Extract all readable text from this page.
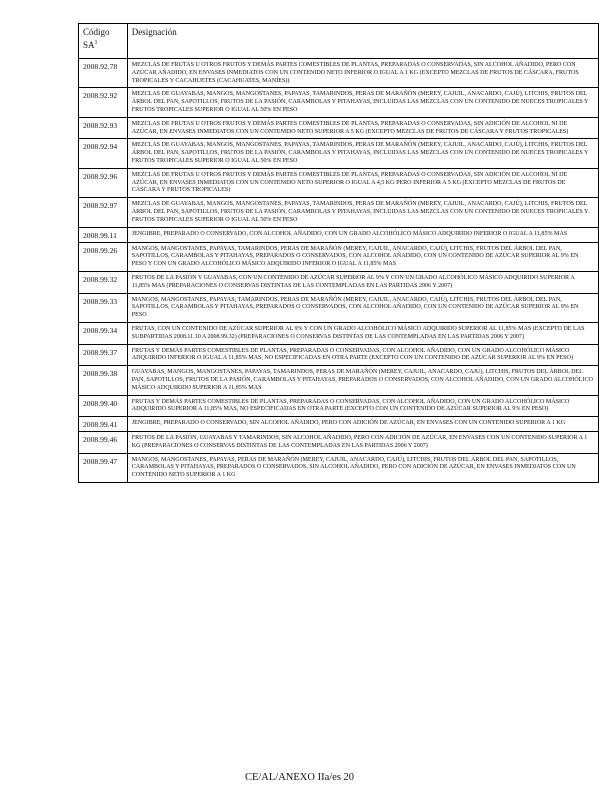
Código $SA^1$	Designación
2008.92.78	MEZCLAS DE FRUTAS U OTROS FRUTOS Y DEMÁS PARTES COMESTIBLES DE PLANTAS, PREPARADAS O CONSERVADAS, SIN ALCOHOL AÑADIDO, PERO CON AZÚCAR AÑADIDO, EN ENVASES INMEDIATOS CON UN CONTENIDO NETO INFERIOR O IGUAL A 1 KG (EXCEPTO MEZCLAS DE FRUTOS DE CÁSCARA, FRUTOS TROPICALES Y CACAHUETES (CACAHUATES, MANÍES))
2008.92.92	MEZCLAS DE GUAYABAS, MANGOS, MANGOSTANES, PAPAYAS, TAMARINDOS, PERAS DE MARAÑÓN (MEREY, CAJUIL, ANACARDO, CAJÚ), LITCHIS, FRUTOS DEL ÁRBOL DEL PAN, SAPOTILLOS, FRUTOS DE LA PASIÓN, CARAMBOLAS Y PITAHAYAS, INCLUIDAS LAS MEZCLAS CON UN CONTENIDO DE NUECES TROPICALES Y FRUTOS TROPICALES SUPERIOR O IGUAL AL 50% EN PESO
2008.92.93	MEZCLAS DE FRUTAS U OTROS FRUTOS Y DEMÁS PARTES COMESTIBLES DE PLANTAS, PREPARADAS O CONSERVADAS, SIN ADICIÓN DE ALCOHOL NI DE AZÚCAR, EN ENVASES INMEDIATOS CON UN CONTENIDO NETO SUPERIOR A 5 KG (EXCEPTO MEZCLAS DE FRUTOS DE CÁSCARA Y FRUTOS TROPICALES)
2008.92.94	MEZCLAS DE GUAYABAS, MANGOS, MANGOSTANES, PAPAYAS, TAMARINDOS, PERAS DE MARAÑÓN (MEREY, CAJUIL, ANACARDO, CAJÚ), LITCHIS, FRUTOS DEL ÁRBOL DEL PAN, SAPOTILLOS, FRUTOS DE LA PASIÓN, CARAMBOLAS Y PITAHAYAS, INCLUIDAS LAS MEZCLAS CON UN CONTENIDO DE NUECES TROPICALES Y FRUTOS TROPICALES SUPERIOR O IGUAL AL 50% EN PESO
2008.92.96	MEZCLAS DE FRUTAS U OTROS FRUTOS Y DEMÁS PARTES COMESTIBLES DE PLANTAS, PREPARADAS O CONSERVADAS, SIN ADICIÓN DE ALCOHOL NI DE AZÚCAR, EN ENVASES INMEDIATOS CON UN CONTENIDO NETO SUPERIOR O IGUAL A 4,5 KG PERO INFERIOR A 5 KG (EXCEPTO MEZCLAS DE FRUTOS DE CÁSCARA Y FRUTOS TROPICALES)
2008.92.97	MEZCLAS DE GUAYABAS, MANGOS, MANGOSTANES, PAPAYAS, TAMARINDOS, PERAS DE MARAÑÓN (MEREY, CAJUIL, ANACARDO, CAJÚ), LITCHIS, FRUTOS DEL ÁRBOL DEL PAN, SAPOTILLOS, FRUTOS DE LA PASIÓN, CARAMBOLAS Y PITAHAYAS, INCLUIDAS LAS MEZCLAS CON UN CONTENIDO DE NUECES TROPICALES Y FRUTOS TROPICALES SUPERIOR O IGUAL AL 50% EN PESO
2008.99.11	JENGIBRE, PREPARADO O CONSERVADO, CON ALCOHOL AÑADIDO, CON UN GRADO ALCOHÓLICO MÁSICO ADQUIRIDO INFERIOR O IGUAL A 11,85% MAS
2008.99.26	MANGOS, MANGOSTANES, PAPAYAS, TAMARINDOS, PERAS DE MARAÑÓN (MEREY, CAJUIL, ANACARDO, CAJÚ), LITCHIS, FRUTOS DEL ÁRBOL DEL PAN, SAPOTILLOS, CARAMBOLAS Y PITAHAYAS, PREPARADOS O CONSERVADOS, CON ALCOHOL AÑADIDO, CON UN CONTENIDO DE AZÚCAR SUPERIOR AL 9% EN PESO Y CON UN GRADO ALCOHÓLICO MÁSICO ADQUIRIDO INFERIOR O IGUAL A 11,85% MAS
2008.99.32	FRUTOS DE LA PASIÓN Y GUAYABAS, CON UN CONTENIDO DE AZÚCAR SUPERIOR AL 9% Y CON UN GRADO ALCOHÓLICO MÁSICO ADQUIRIDO SUPERIOR A 11,85% MAS (PREPARACIONES O CONSERVAS DISTINTAS DE LAS CONTEMPLADAS EN LAS PARTIDAS 2006 Y 2007)
2008.99.33	MANGOS, MANGOSTANES, PAPAYAS, TAMARINDOS, PERAS DE MARAÑÓN (MEREY, CAJUIL, ANACARDO, CAJÚ), LITCHIS, FRUTOS DEL ÁRBOL DEL PAN, SAPOTILLOS, CARAMBOLAS Y PITAHAYAS, PREPARADOS O CONSERVADOS, CON ALCOHOL AÑADIDO, CON UN CONTENIDO DE AZÚCAR SUPERIOR AL 9% EN PESO
2008.99.34	FRUTAS, CON UN CONTENIDO DE AZÚCAR SUPERIOR AL 9% Y CON UN GRADO ALCOHÓLICO MÁSICO ADQUIRIDO SUPERIOR AL 11,85% MAS (EXCEPTO DE LAS SUBPARTIDAS 2008.11.10 A 2008.99.32) (PREPARACIONES O CONSERVAS DISTINTAS DE LAS CONTEMPLADAS EN LAS PARTIDAS 2006 Y 2007)
2008.99.37	FRUTAS Y DEMÁS PARTES COMESTIBLES DE PLANTAS, PREPARADAS O CONSERVADAS, CON ALCOHOL AÑADIDO, CON UN GRADO ALCOHÓLICO MÁSICO ADQUIRIDO INFERIOR O IGUAL A 11,85% MAS, NO ESPECIFICADAS EN OTRA PARTE (EXCEPTO CON UN CONTENIDO DE AZÚCAR SUPERIOR AL 9% EN PESO)
2008.99.38	GUAYABAS, MANGOS, MANGOSTANES, PAPAYAS, TAMARINDOS, PERAS DE MARAÑÓN (MEREY, CAJUIL, ANACARDO, CAJÚ), LITCHIS, FRUTOS DEL ÁRBOL DEL PAN, SAPOTILLOS, FRUTOS DE LA PASIÓN, CARAMBOLAS Y PITAHAYAS, PREPARADOS O CONSERVADOS, CON ALCOHOL AÑADIDO, CON UN GRADO ALCOHÓLICO MÁSICO ADQUIRIDO SUPERIOR A 11,85% MAS
2008.99.40	FRUTAS Y DEMÁS PARTES COMESTIBLES DE PLANTAS, PREPARADAS O CONSERVADAS, CON ALCOHOL AÑADIDO, CON UN GRADO ALCOHÓLICO MÁSICO ADQUIRIDO SUPERIOR A 11,85% MAS, NO ESPECIFICADAS EN OTRA PARTE (EXCEPTO CON UN CONTENIDO DE AZÚCAR SUPERIOR AL 9% EN PESO)
2008.99.41	JENGIBRE, PREPARADO O CONSERVADO, SIN ALCOHOL AÑADIDO, PERO CON ADICIÓN DE AZÚCAR, EN ENVASES CON UN CONTENIDO SUPERIOR A 1 KG
2008.99.46	FRUTOS DE LA PASIÓN, GUAYABAS Y TAMARINDOS, SIN ALCOHOL AÑADIDO, PERO CON ADICIÓN DE AZÚCAR, EN ENVASES CON UN CONTENIDO SUPERIOR A 1 KG (PREPARACIONES O CONSERVAS DISTINTAS DE LAS CONTEMPLADAS EN LAS PARTIDAS 2006 Y 2007)
2008.99.47	MANGOS, MANGOSTANES, PAPAYAS, PERAS DE MARAÑÓN (MEREY, CAJUIL, ANACARDO, CAJÚ), LITCHIS, FRUTOS DEL ÁRBOL DEL PAN, SAPOTILLOS, CARAMBOLAS Y PITAHAYAS, PREPARADOS O CONSERVADOS, SIN ALCOHOL AÑADIDO, PERO CON ADICIÓN DE AZÚCAR, EN ENVASES INMEDIATOS CON UN CONTENIDO NETO SUPERIOR A 1 KG
CE/AL/ANEXO IIa/es 20
